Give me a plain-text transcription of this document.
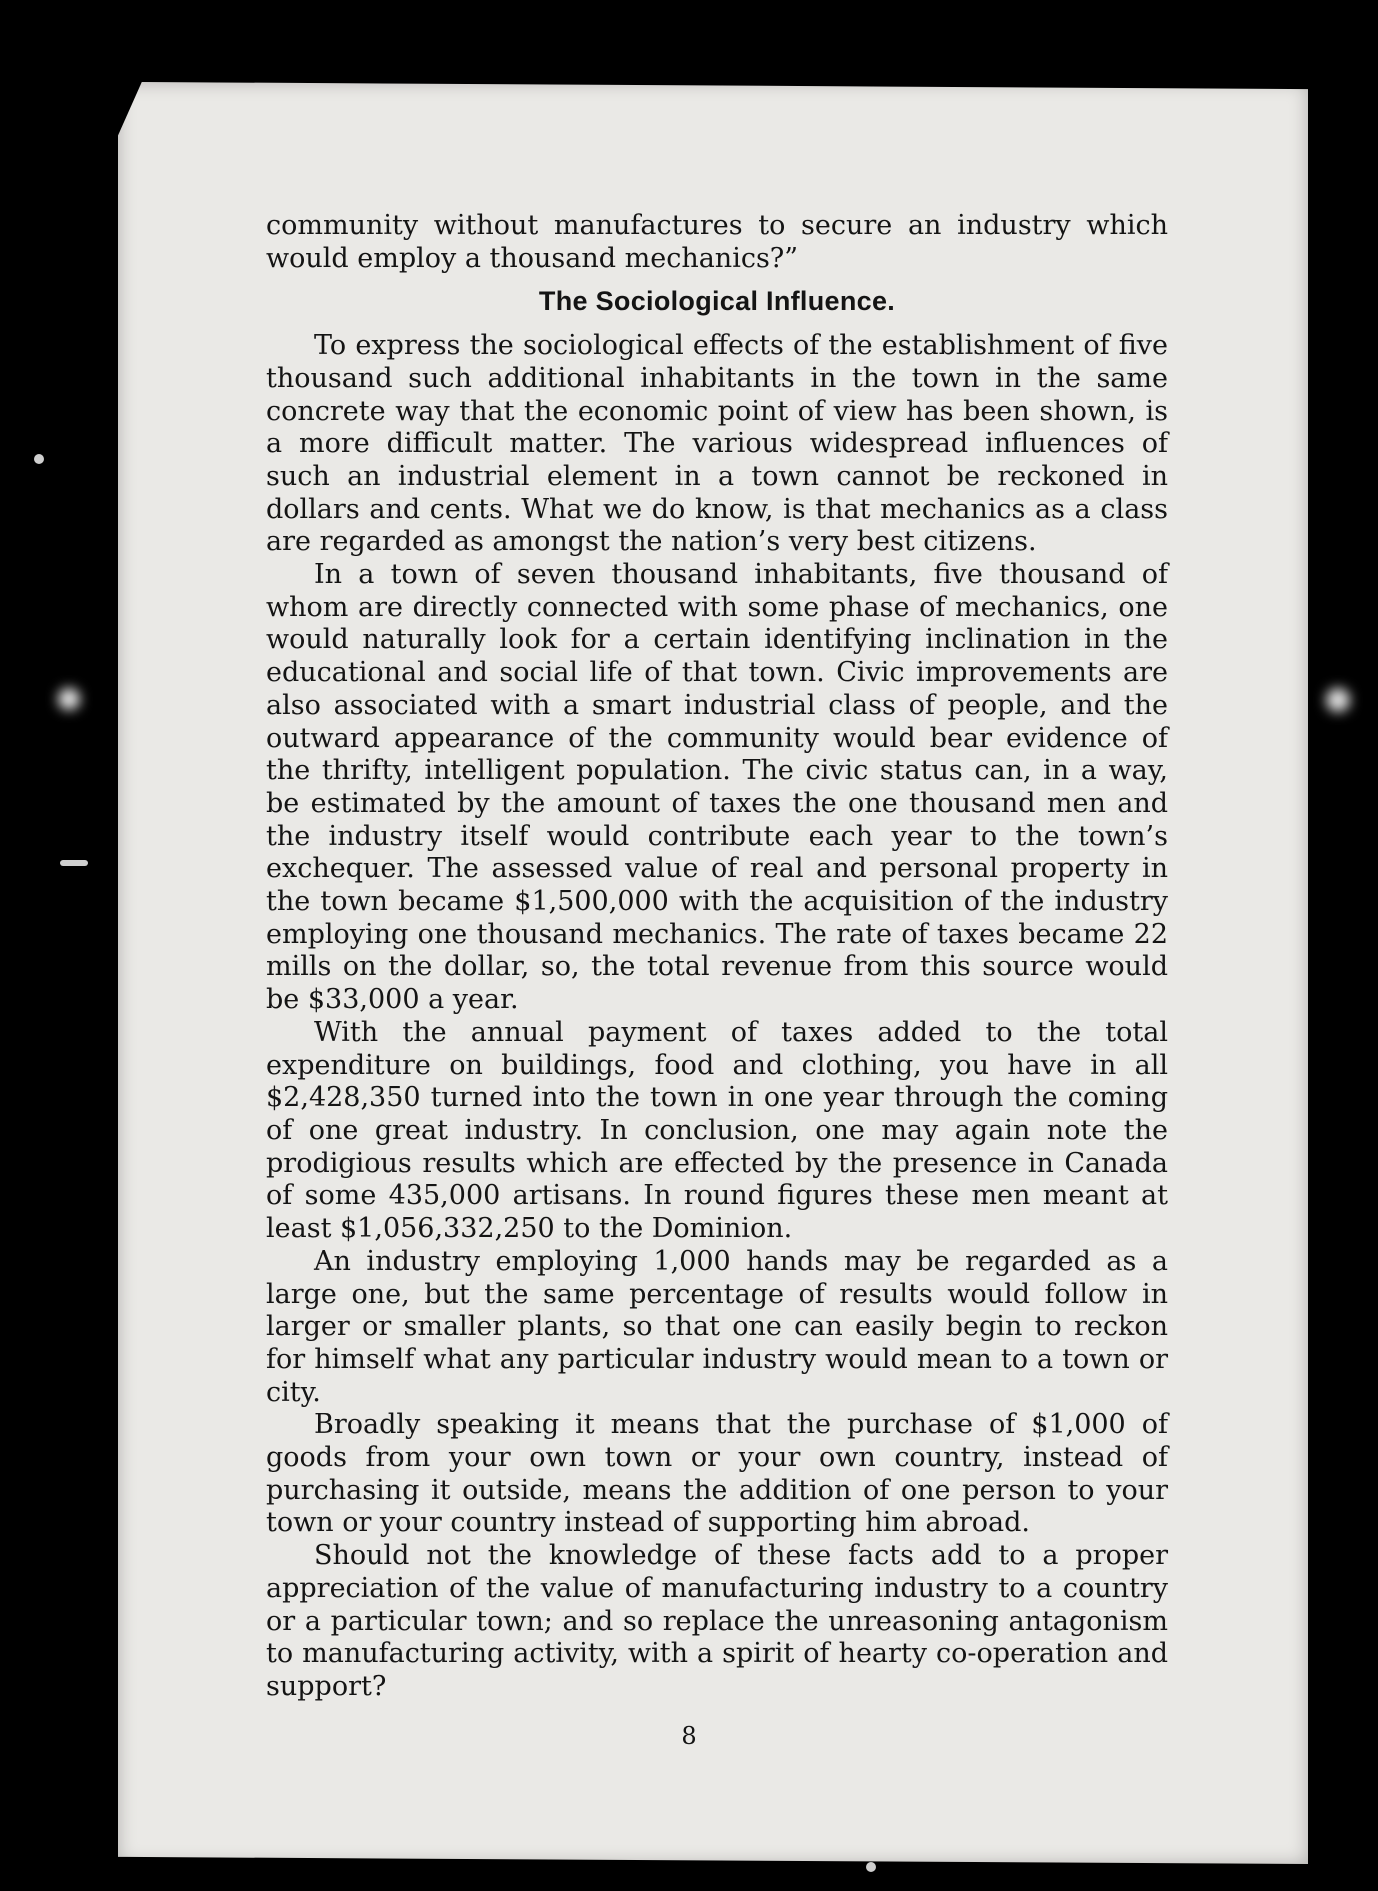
community without manufactures to secure an industry which would employ a thousand mechanics?”

The Sociological Influence.

To express the sociological effects of the establishment of five thousand such additional inhabitants in the town in the same concrete way that the economic point of view has been shown, is a more difficult matter. The various widespread influences of such an industrial element in a town cannot be reckoned in dollars and cents. What we do know, is that mechanics as a class are regarded as amongst the nation’s very best citizens.

In a town of seven thousand inhabitants, five thousand of whom are directly connected with some phase of mechanics, one would naturally look for a certain identifying inclination in the educational and social life of that town. Civic improvements are also associated with a smart industrial class of people, and the outward appearance of the community would bear evidence of the thrifty, intelligent population. The civic status can, in a way, be estimated by the amount of taxes the one thousand men and the industry itself would contribute each year to the town’s exchequer. The assessed value of real and personal property in the town became $1,500,000 with the acquisition of the industry employing one thousand mechanics. The rate of taxes became 22 mills on the dollar, so, the total revenue from this source would be $33,000 a year.

With the annual payment of taxes added to the total expenditure on buildings, food and clothing, you have in all $2,428,350 turned into the town in one year through the coming of one great industry. In conclusion, one may again note the prodigious results which are effected by the presence in Canada of some 435,000 artisans. In round figures these men meant at least $1,056,332,250 to the Dominion.

An industry employing 1,000 hands may be regarded as a large one, but the same percentage of results would follow in larger or smaller plants, so that one can easily begin to reckon for himself what any particular industry would mean to a town or city.

Broadly speaking it means that the purchase of $1,000 of goods from your own town or your own country, instead of purchasing it outside, means the addition of one person to your town or your country instead of supporting him abroad.

Should not the knowledge of these facts add to a proper appreciation of the value of manufacturing industry to a country or a particular town; and so replace the unreasoning antagonism to manufacturing activity, with a spirit of hearty co-operation and support?

8
